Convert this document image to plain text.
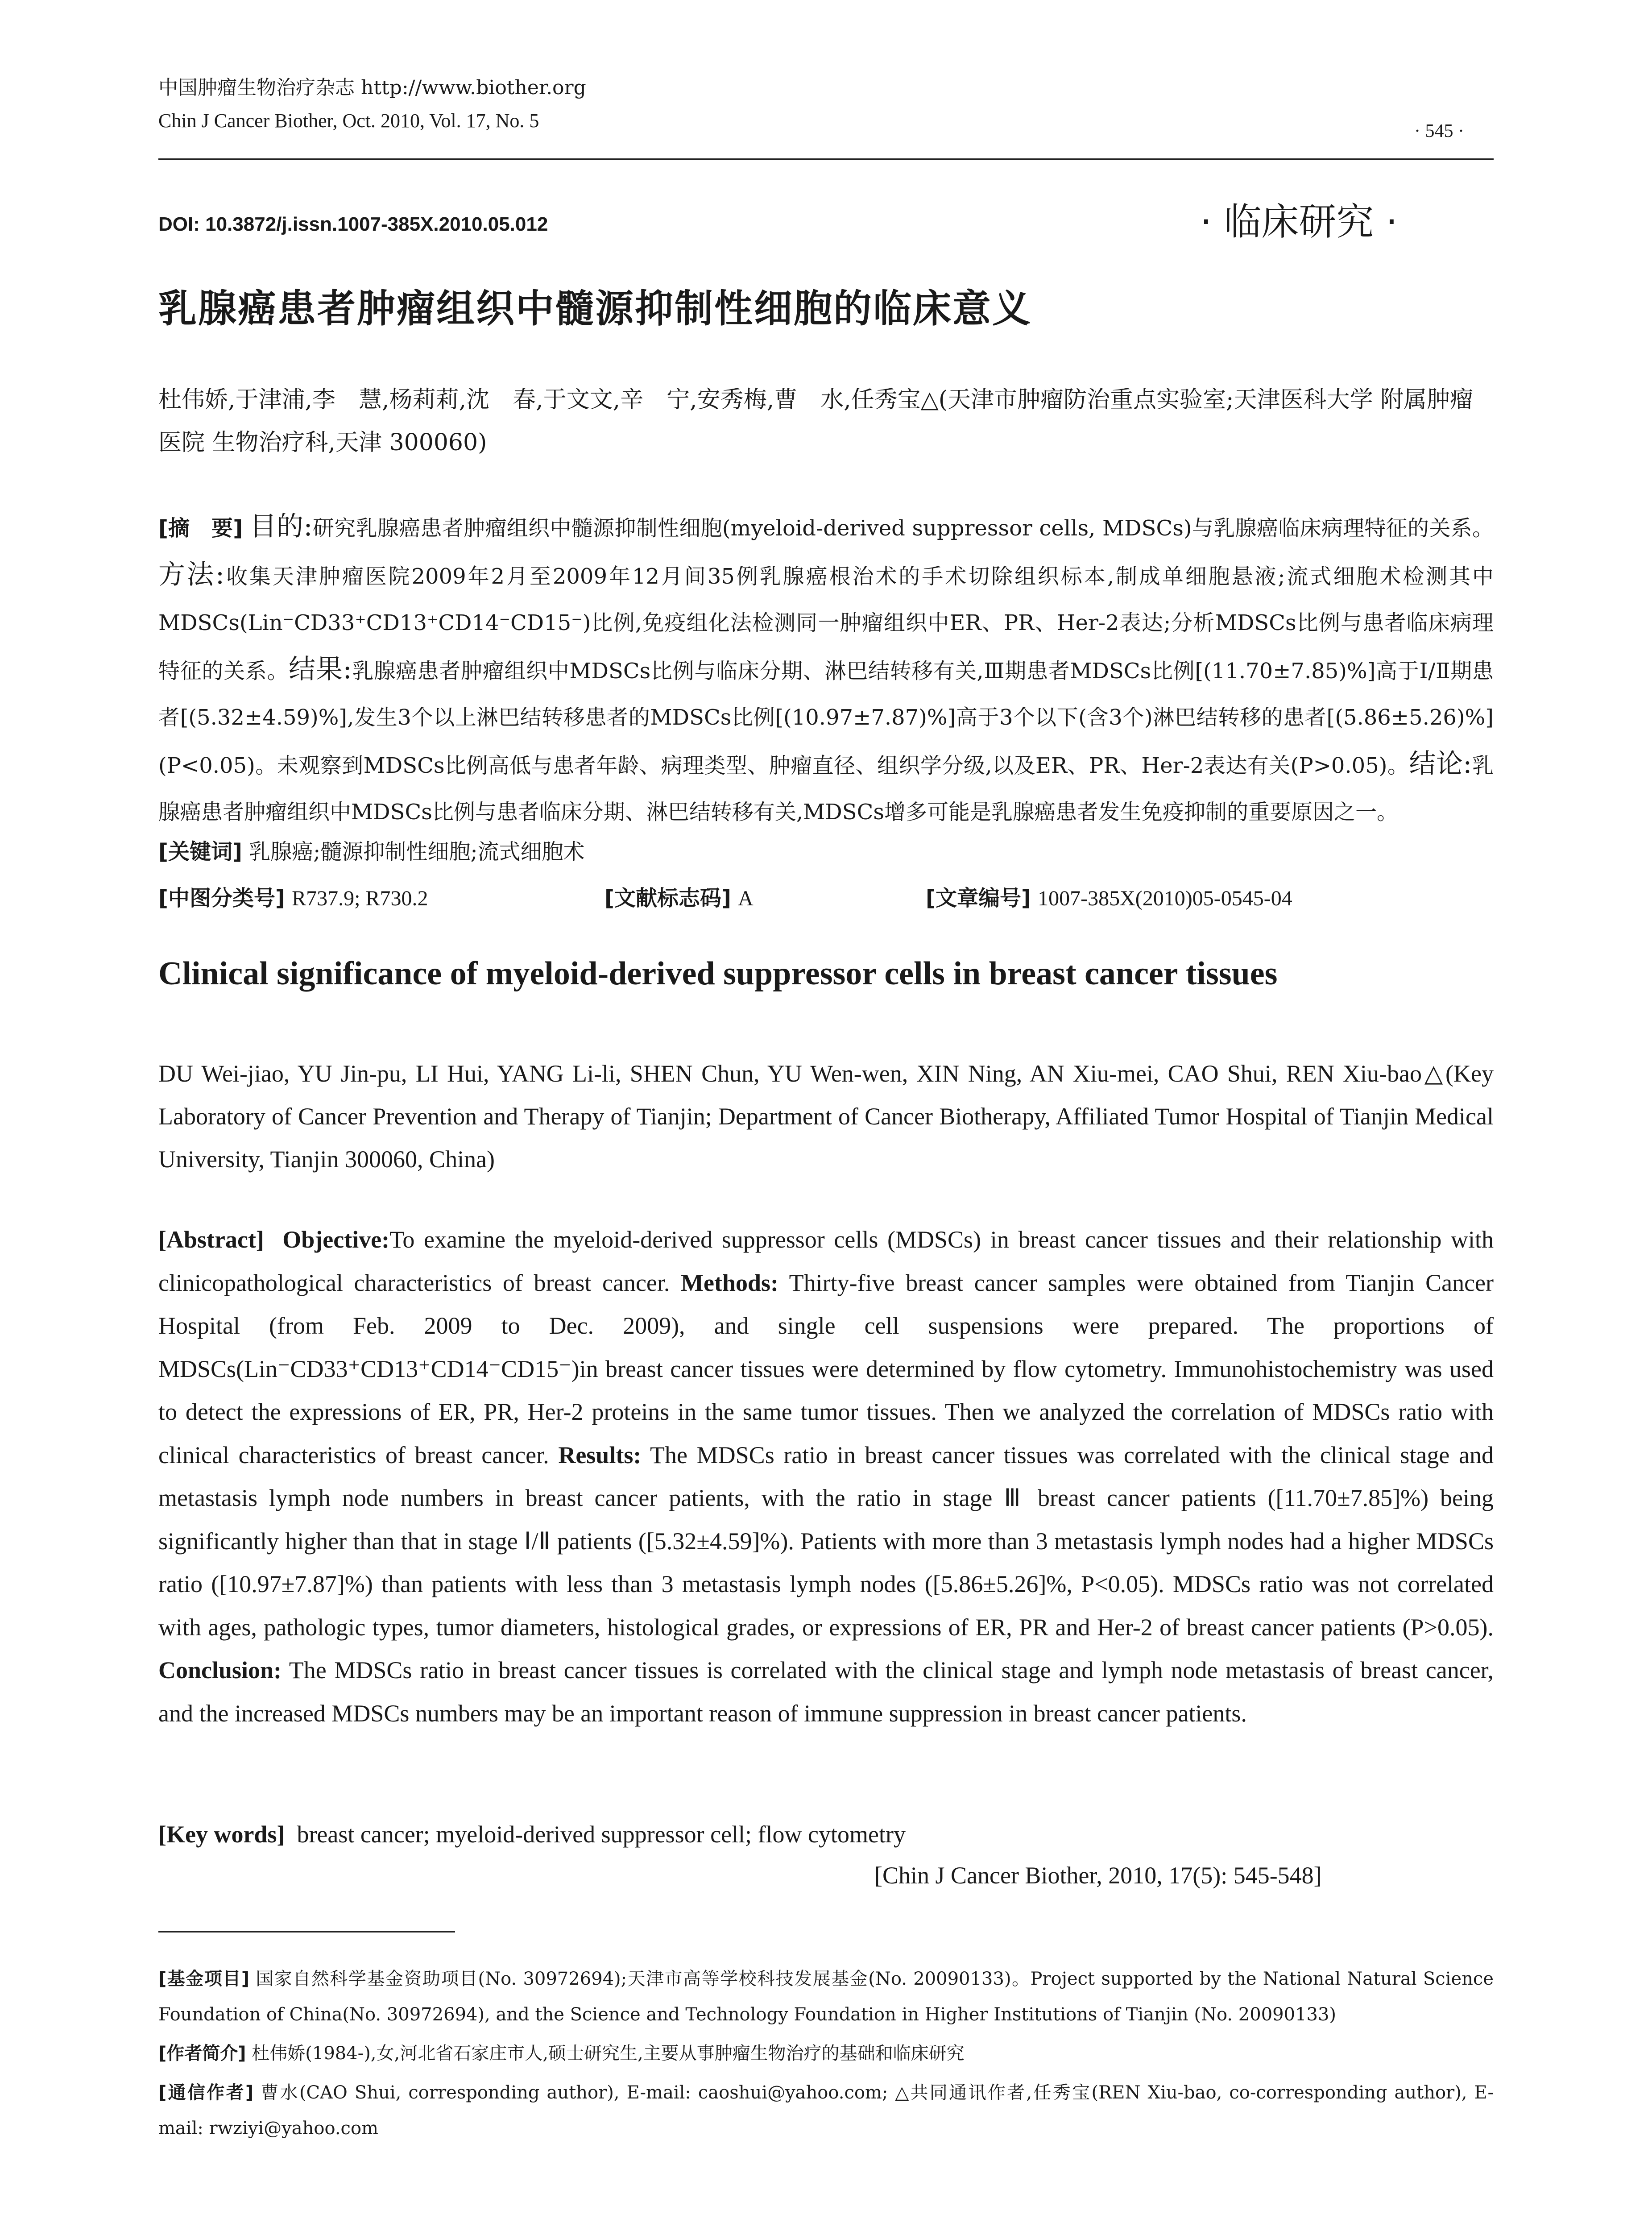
中国肿瘤生物治疗杂志 http://www.biother.org
Chin J Cancer Biother, Oct. 2010, Vol. 17, No. 5	· 545 ·
DOI: 10.3872/j.issn.1007-385X.2010.05.012	· 临床研究 ·
乳腺癌患者肿瘤组织中髓源抑制性细胞的临床意义

杜伟娇,于津浦,李　慧,杨莉莉,沈　春,于文文,辛　宁,安秀梅,曹　水,任秀宝△(天津市肿瘤防治重点实验室;天津医科大学 附属肿瘤医院 生物治疗科,天津 300060)

[摘　要] 目的:研究乳腺癌患者肿瘤组织中髓源抑制性细胞(myeloid-derived suppressor cells, MDSCs)与乳腺癌临床病理特征的关系。方法:收集天津肿瘤医院2009年2月至2009年12月间35例乳腺癌根治术的手术切除组织标本,制成单细胞悬液;流式细胞术检测其中MDSCs(Lin⁻CD33⁺CD13⁺CD14⁻CD15⁻)比例,免疫组化法检测同一肿瘤组织中ER、PR、Her-2表达;分析MDSCs比例与患者临床病理特征的关系。结果:乳腺癌患者肿瘤组织中MDSCs比例与临床分期、淋巴结转移有关,Ⅲ期患者MDSCs比例[(11.70±7.85)%]高于Ⅰ/Ⅱ期患者[(5.32±4.59)%],发生3个以上淋巴结转移患者的MDSCs比例[(10.97±7.87)%]高于3个以下(含3个)淋巴结转移的患者[(5.86±5.26)%](P<0.05)。未观察到MDSCs比例高低与患者年龄、病理类型、肿瘤直径、组织学分级,以及ER、PR、Her-2表达有关(P>0.05)。结论:乳腺癌患者肿瘤组织中MDSCs比例与患者临床分期、淋巴结转移有关,MDSCs增多可能是乳腺癌患者发生免疫抑制的重要原因之一。

[关键词] 乳腺癌;髓源抑制性细胞;流式细胞术
[中图分类号] R737.9; R730.2	[文献标志码] A	[文章编号] 1007-385X(2010)05-0545-04
Clinical significance of myeloid-derived suppressor cells in breast cancer tissues

DU Wei-jiao, YU Jin-pu, LI Hui, YANG Li-li, SHEN Chun, YU Wen-wen, XIN Ning, AN Xiu-mei, CAO Shui, REN Xiu-bao△(Key Laboratory of Cancer Prevention and Therapy of Tianjin; Department of Cancer Biotherapy, Affiliated Tumor Hospital of Tianjin Medical University, Tianjin 300060, China)

[Abstract] Objective:To examine the myeloid-derived suppressor cells (MDSCs) in breast cancer tissues and their relationship with clinicopathological characteristics of breast cancer. Methods: Thirty-five breast cancer samples were obtained from Tianjin Cancer Hospital (from Feb. 2009 to Dec. 2009), and single cell suspensions were prepared. The proportions of MDSCs(Lin⁻CD33⁺CD13⁺CD14⁻CD15⁻)in breast cancer tissues were determined by flow cytometry. Immunohistochemistry was used to detect the expressions of ER, PR, Her-2 proteins in the same tumor tissues. Then we analyzed the correlation of MDSCs ratio with clinical characteristics of breast cancer. Results: The MDSCs ratio in breast cancer tissues was correlated with the clinical stage and metastasis lymph node numbers in breast cancer patients, with the ratio in stage Ⅲ breast cancer patients ([11.70±7.85]%) being significantly higher than that in stage Ⅰ/Ⅱ patients ([5.32±4.59]%). Patients with more than 3 metastasis lymph nodes had a higher MDSCs ratio ([10.97±7.87]%) than patients with less than 3 metastasis lymph nodes ([5.86±5.26]%, P<0.05). MDSCs ratio was not correlated with ages, pathologic types, tumor diameters, histological grades, or expressions of ER, PR and Her-2 of breast cancer patients (P>0.05). Conclusion: The MDSCs ratio in breast cancer tissues is correlated with the clinical stage and lymph node metastasis of breast cancer, and the increased MDSCs numbers may be an important reason of immune suppression in breast cancer patients.

[Key words] breast cancer; myeloid-derived suppressor cell; flow cytometry
[Chin J Cancer Biother, 2010, 17(5): 545-548]

[基金项目] 国家自然科学基金资助项目(No. 30972694);天津市高等学校科技发展基金(No. 20090133)。Project supported by the National Natural Science Foundation of China(No. 30972694), and the Science and Technology Foundation in Higher Institutions of Tianjin (No. 20090133)

[作者简介] 杜伟娇(1984-),女,河北省石家庄市人,硕士研究生,主要从事肿瘤生物治疗的基础和临床研究

[通信作者] 曹水(CAO Shui, corresponding author), E-mail: caoshui@yahoo.com; △共同通讯作者,任秀宝(REN Xiu-bao, co-corresponding author), E-mail: rwziyi@yahoo.com
